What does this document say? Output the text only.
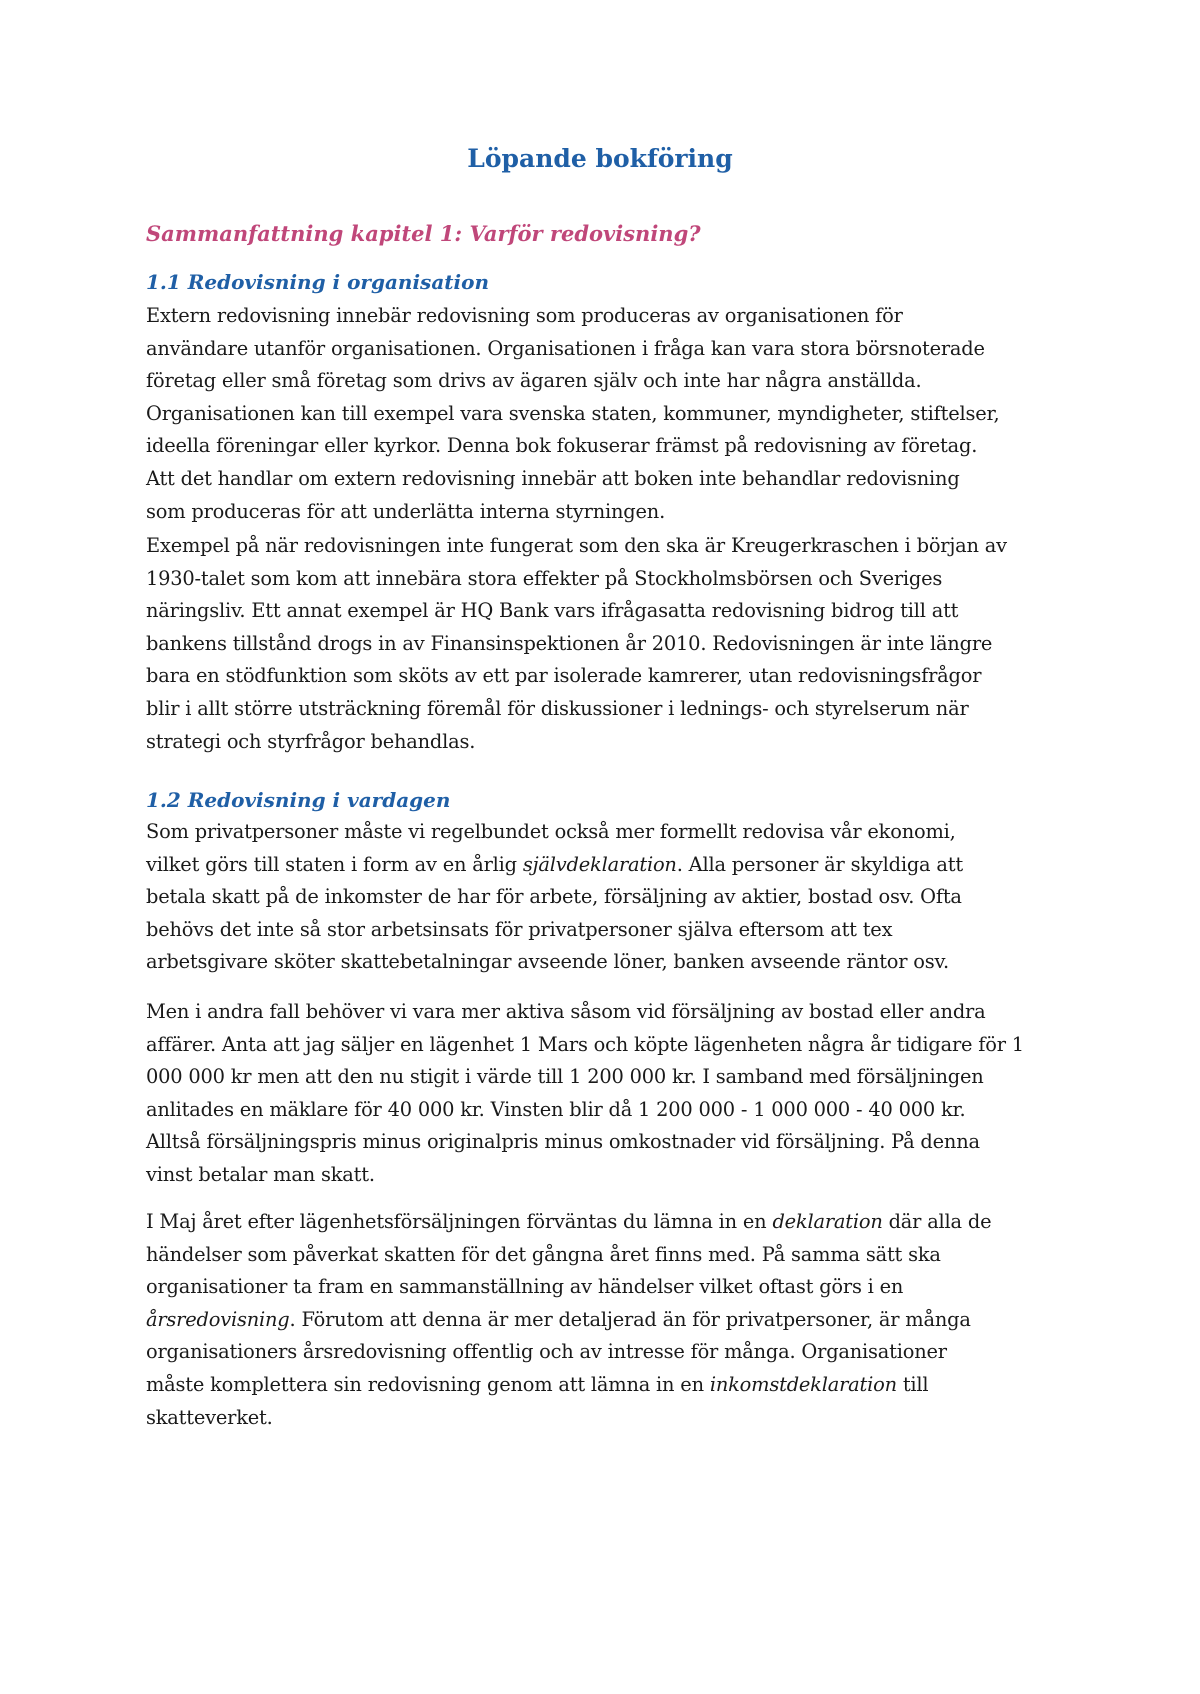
Löpande bokföring
Sammanfattning kapitel 1: Varför redovisning?
1.1 Redovisning i organisation
Extern redovisning innebär redovisning som produceras av organisationen för
användare utanför organisationen. Organisationen i fråga kan vara stora börsnoterade
företag eller små företag som drivs av ägaren själv och inte har några anställda.
Organisationen kan till exempel vara svenska staten, kommuner, myndigheter, stiftelser,
ideella föreningar eller kyrkor. Denna bok fokuserar främst på redovisning av företag.
Att det handlar om extern redovisning innebär att boken inte behandlar redovisning
som produceras för att underlätta interna styrningen.
Exempel på när redovisningen inte fungerat som den ska är Kreugerkraschen i början av
1930-talet som kom att innebära stora effekter på Stockholmsbörsen och Sveriges
näringsliv. Ett annat exempel är HQ Bank vars ifrågasatta redovisning bidrog till att
bankens tillstånd drogs in av Finansinspektionen år 2010. Redovisningen är inte längre
bara en stödfunktion som sköts av ett par isolerade kamrerer, utan redovisningsfrågor
blir i allt större utsträckning föremål för diskussioner i lednings- och styrelserum när
strategi och styrfrågor behandlas.
1.2 Redovisning i vardagen
Som privatpersoner måste vi regelbundet också mer formellt redovisa vår ekonomi,
vilket görs till staten i form av en årlig självdeklaration. Alla personer är skyldiga att
betala skatt på de inkomster de har för arbete, försäljning av aktier, bostad osv. Ofta
behövs det inte så stor arbetsinsats för privatpersoner själva eftersom att tex
arbetsgivare sköter skattebetalningar avseende löner, banken avseende räntor osv.
Men i andra fall behöver vi vara mer aktiva såsom vid försäljning av bostad eller andra
affärer. Anta att jag säljer en lägenhet 1 Mars och köpte lägenheten några år tidigare för 1
000 000 kr men att den nu stigit i värde till 1 200 000 kr. I samband med försäljningen
anlitades en mäklare för 40 000 kr. Vinsten blir då 1 200 000 - 1 000 000 - 40 000 kr.
Alltså försäljningspris minus originalpris minus omkostnader vid försäljning. På denna
vinst betalar man skatt.
I Maj året efter lägenhetsförsäljningen förväntas du lämna in en deklaration där alla de
händelser som påverkat skatten för det gångna året finns med. På samma sätt ska
organisationer ta fram en sammanställning av händelser vilket oftast görs i en
årsredovisning. Förutom att denna är mer detaljerad än för privatpersoner, är många
organisationers årsredovisning offentlig och av intresse för många. Organisationer
måste komplettera sin redovisning genom att lämna in en inkomstdeklaration till
skatteverket.
